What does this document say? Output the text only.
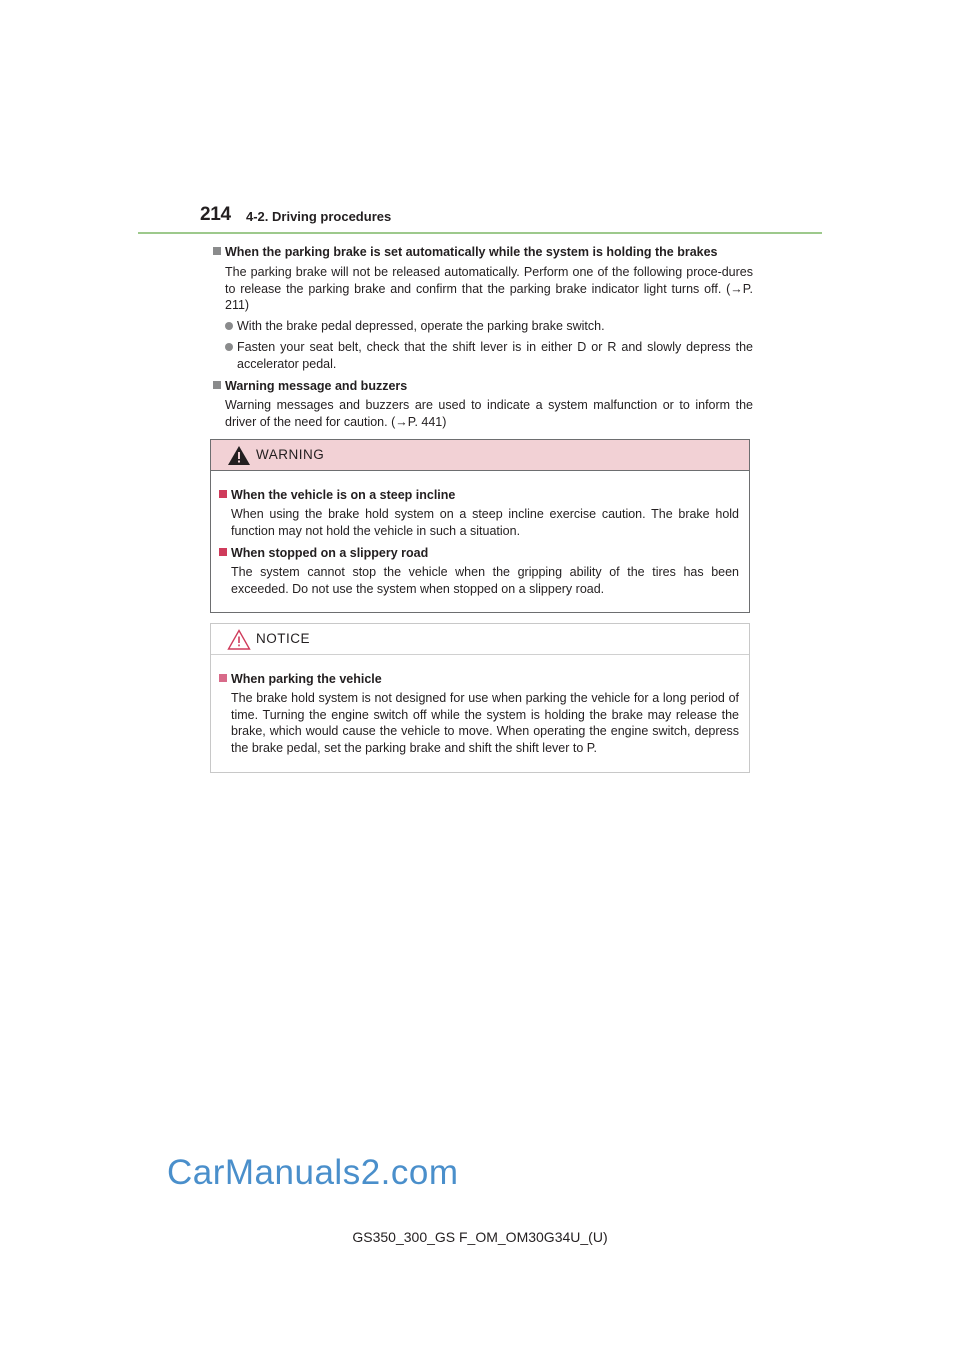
214 4-2. Driving procedures
When the parking brake is set automatically while the system is holding the brakes
The parking brake will not be released automatically. Perform one of the following proce-dures to release the parking brake and confirm that the parking brake indicator light turns off. (→P. 211)
With the brake pedal depressed, operate the parking brake switch.
Fasten your seat belt, check that the shift lever is in either D or R and slowly depress the accelerator pedal.
Warning message and buzzers
Warning messages and buzzers are used to indicate a system malfunction or to inform the driver of the need for caution. (→P. 441)
WARNING
When the vehicle is on a steep incline
When using the brake hold system on a steep incline exercise caution. The brake hold function may not hold the vehicle in such a situation.
When stopped on a slippery road
The system cannot stop the vehicle when the gripping ability of the tires has been exceeded. Do not use the system when stopped on a slippery road.
NOTICE
When parking the vehicle
The brake hold system is not designed for use when parking the vehicle for a long period of time. Turning the engine switch off while the system is holding the brake may release the brake, which would cause the vehicle to move. When operating the engine switch, depress the brake pedal, set the parking brake and shift the shift lever to P.
CarManuals2.com
GS350_300_GS F_OM_OM30G34U_(U)
